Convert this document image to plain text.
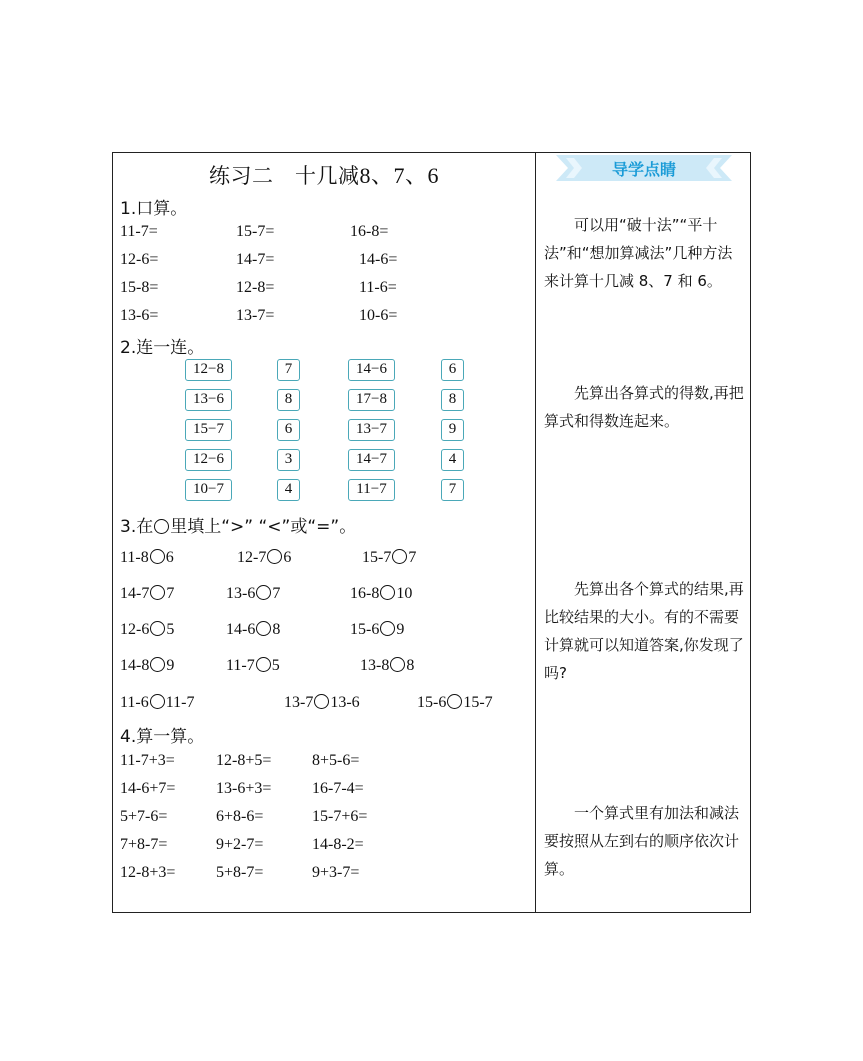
练习二　十几减8、7、6
1.口算。
11-7=	15-7=	16-8=
12-6=	14-7=	14-6=
15-8=	12-8=	11-6=
13-6=	13-7=	10-6=
2.连一连。
12−8	7	14−6	6
13−6	8	17−8	8
15−7	6	13−7	9
12−6	3	14−7	4
10−7	4	11−7	7
3.在 里填上“>” “<”或“=”。
11-8 6	12-7 6	15-7 7
14-7 7	13-6 7	16-8 10
12-6 5	14-6 8	15-6 9
14-8 9	11-7 5	13-8 8
11-6 11-7	13-7 13-6	15-6 15-7
4.算一算。
11-7+3=	12-8+5=	8+5-6=
14-6+7=	13-6+3=	16-7-4=
5+7-6=	6+8-6=	15-7+6=
7+8-7=	9+2-7=	14-8-2=
12-8+3=	5+8-7=	9+3-7=
导学点睛
可以用“破十法”“平十法”和“想加算减法”几种方法来计算十几减 8、7 和 6。
先算出各算式的得数,再把算式和得数连起来。
先算出各个算式的结果,再比较结果的大小。有的不需要计算就可以知道答案,你发现了吗?
一个算式里有加法和减法要按照从左到右的顺序依次计算。
